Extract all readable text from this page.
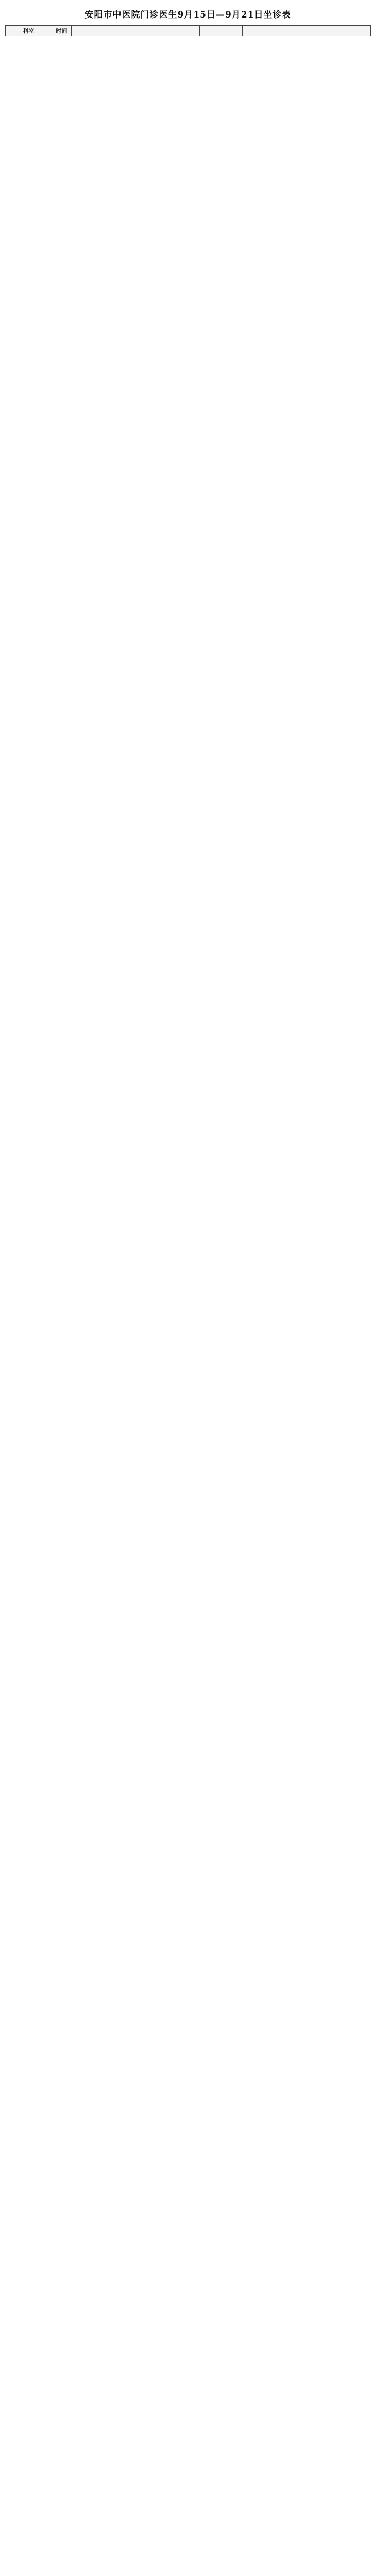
安阳市中医院门诊医生9月15日—9月21日坐诊表
科室	时间							
